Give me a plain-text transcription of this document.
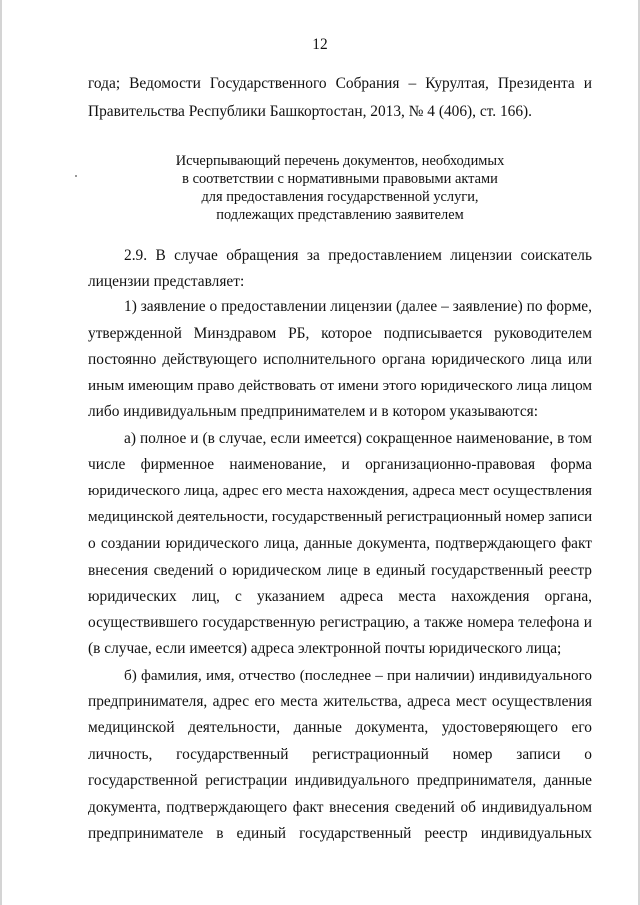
12
года; Ведомости Государственного Собрания – Курултая, Президента и
Правительства Республики Башкортостан, 2013, № 4 (406), ст. 166).
Исчерпывающий перечень документов, необходимых
в соответствии с нормативными правовыми актами
для предоставления государственной услуги,
подлежащих представлению заявителем
2.9. В случае обращения за предоставлением лицензии соискатель
лицензии представляет:
1) заявление о предоставлении лицензии (далее – заявление) по форме,
утвержденной Минздравом РБ, которое подписывается руководителем
постоянно действующего исполнительного органа юридического лица или
иным имеющим право действовать от имени этого юридического лица лицом
либо индивидуальным предпринимателем и в котором указываются:
а) полное и (в случае, если имеется) сокращенное наименование, в том
числе фирменное наименование, и организационно-правовая форма
юридического лица, адрес его места нахождения, адреса мест осуществления
медицинской деятельности, государственный регистрационный номер записи
о создании юридического лица, данные документа, подтверждающего факт
внесения сведений о юридическом лице в единый государственный реестр
юридических лиц, с указанием адреса места нахождения органа,
осуществившего государственную регистрацию, а также номера телефона и
(в случае, если имеется) адреса электронной почты юридического лица;
б) фамилия, имя, отчество (последнее – при наличии) индивидуального
предпринимателя, адрес его места жительства, адреса мест осуществления
медицинской деятельности, данные документа, удостоверяющего его
личность, государственный регистрационный номер записи о
государственной регистрации индивидуального предпринимателя, данные
документа, подтверждающего факт внесения сведений об индивидуальном
предпринимателе в единый государственный реестр индивидуальных
